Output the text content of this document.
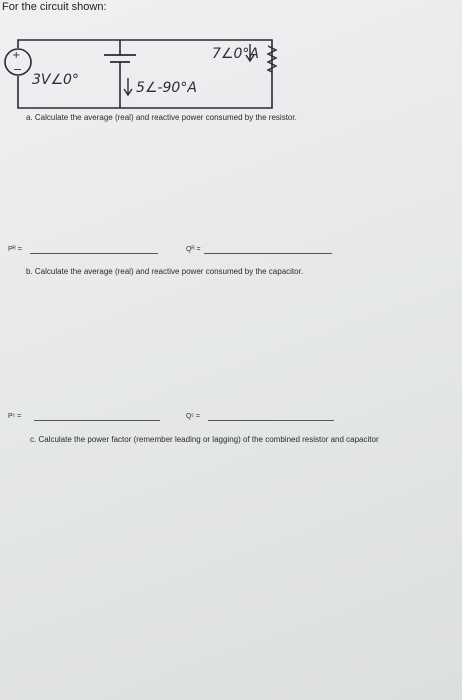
For the circuit shown:
+
−
3V∠0°	5∠-90°A
7∠0°A
a. Calculate the average (real) and reactive power consumed by the resistor.
Pᴿ =	Qᴿ =
b. Calculate the average (real) and reactive power consumed by the capacitor.
Pᶜ =	Qᶜ =
c. Calculate the power factor (remember leading or lagging) of the combined resistor and capacitor
